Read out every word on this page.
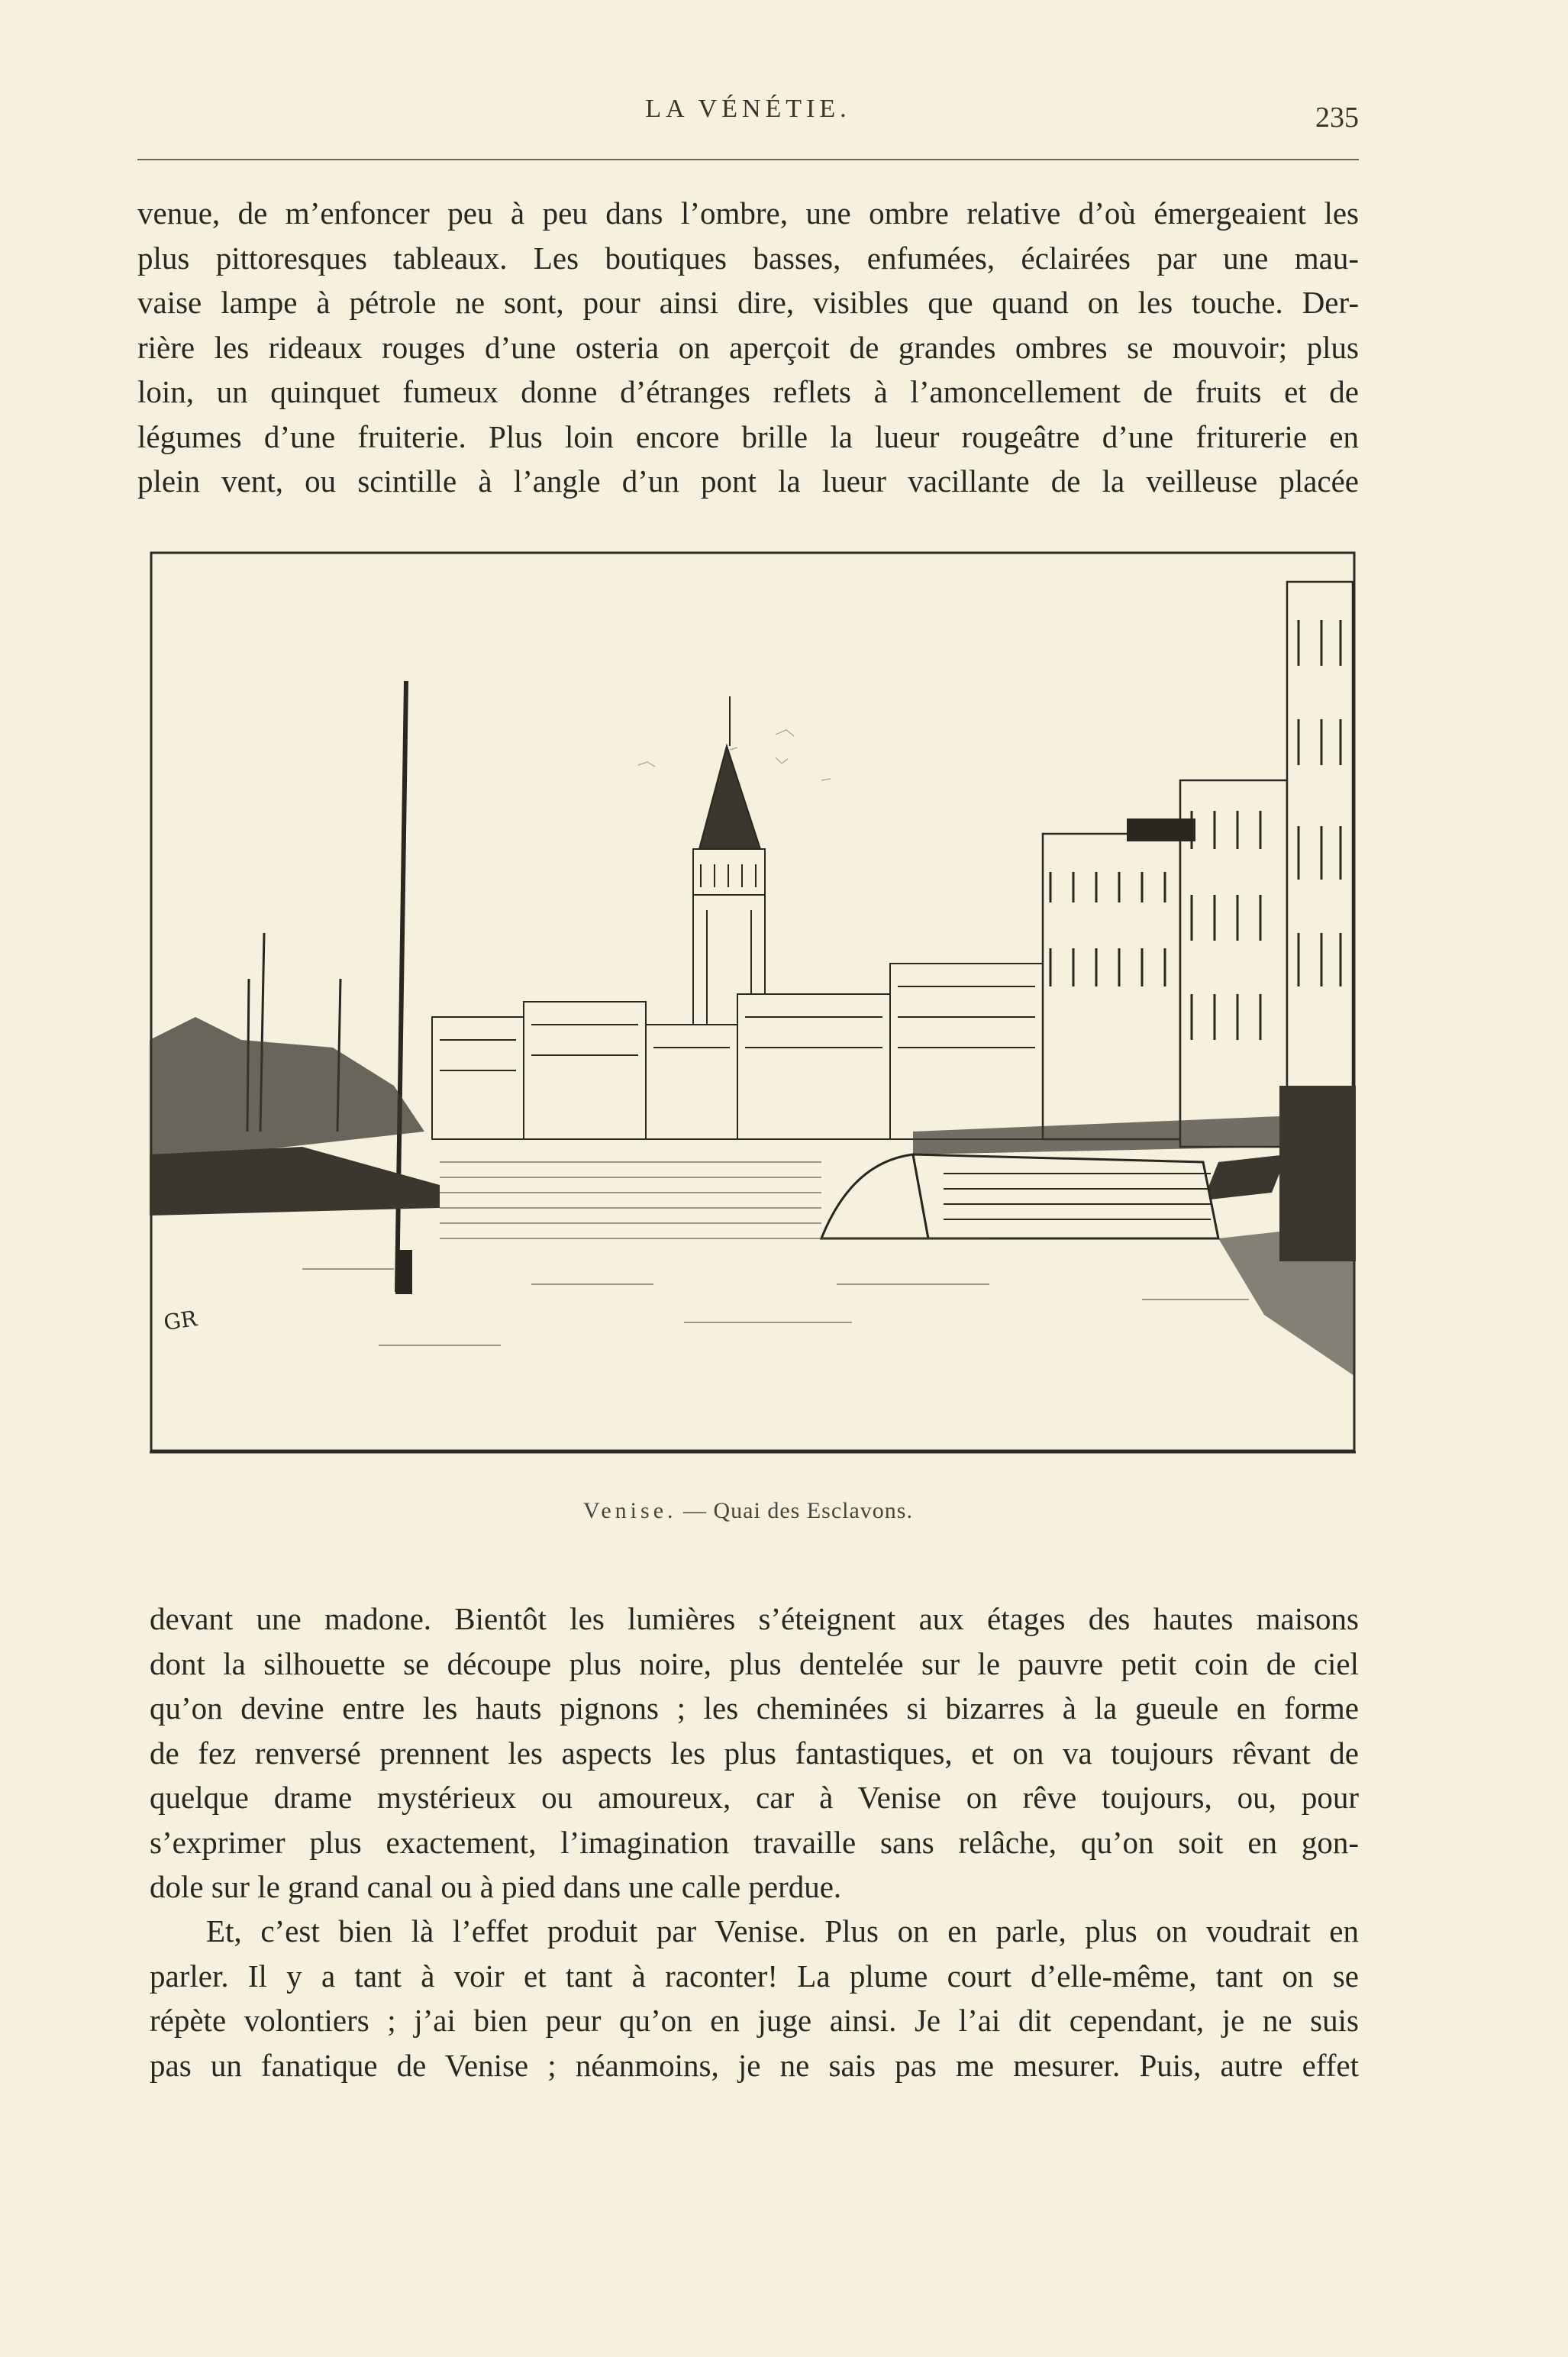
LA VÉNÉTIE.	235
venue, de m’enfoncer peu à peu dans l’ombre, une ombre relative d’où émergeaient les
plus pittoresques tableaux. Les boutiques basses, enfumées, éclairées par une mau-
vaise lampe à pétrole ne sont, pour ainsi dire, visibles que quand on les touche. Der-
rière les rideaux rouges d’une osteria on aperçoit de grandes ombres se mouvoir; plus
loin, un quinquet fumeux donne d’étranges reflets à l’amoncellement de fruits et de
légumes d’une fruiterie. Plus loin encore brille la lueur rougeâtre d’une friturerie en
plein vent, ou scintille à l’angle d’un pont la lueur vacillante de la veilleuse placée
GR
Venise. — Quai des Esclavons.
devant une madone. Bientôt les lumières s’éteignent aux étages des hautes maisons
dont la silhouette se découpe plus noire, plus dentelée sur le pauvre petit coin de ciel
qu’on devine entre les hauts pignons ; les cheminées si bizarres à la gueule en forme
de fez renversé prennent les aspects les plus fantastiques, et on va toujours rêvant de
quelque drame mystérieux ou amoureux, car à Venise on rêve toujours, ou, pour
s’exprimer plus exactement, l’imagination travaille sans relâche, qu’on soit en gon-
dole sur le grand canal ou à pied dans une calle perdue.
Et, c’est bien là l’effet produit par Venise. Plus on en parle, plus on voudrait en
parler. Il y a tant à voir et tant à raconter! La plume court d’elle-même, tant on se
répète volontiers ; j’ai bien peur qu’on en juge ainsi. Je l’ai dit cependant, je ne suis
pas un fanatique de Venise ; néanmoins, je ne sais pas me mesurer. Puis, autre effet
